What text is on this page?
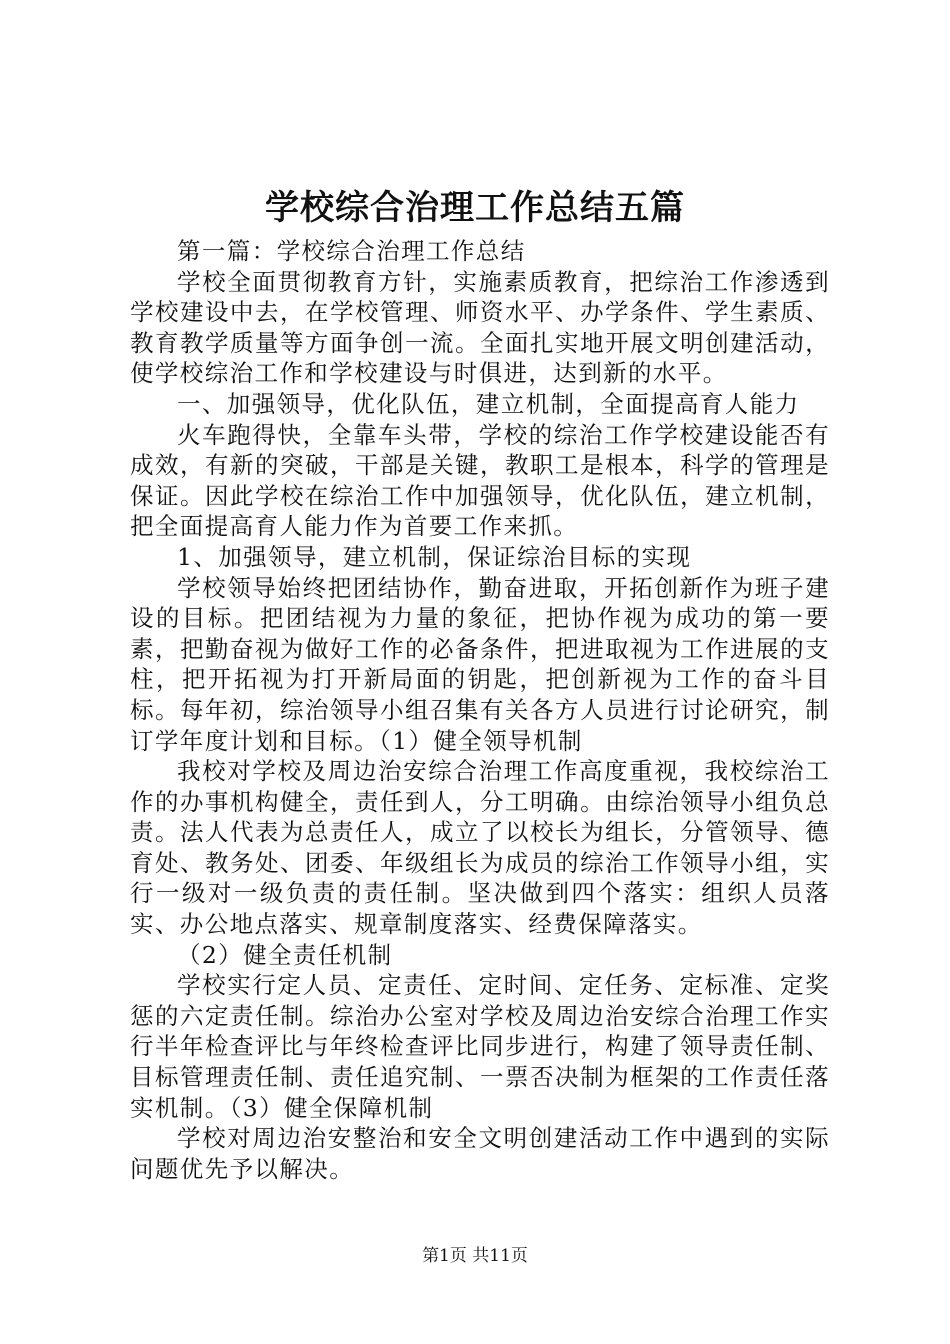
学校综合治理工作总结五篇

第一篇：学校综合治理工作总结

学校全面贯彻教育方针，实施素质教育，把综治工作渗透到学校建设中去，在学校管理、师资水平、办学条件、学生素质、教育教学质量等方面争创一流。全面扎实地开展文明创建活动，使学校综治工作和学校建设与时俱进，达到新的水平。

一、加强领导，优化队伍，建立机制，全面提高育人能力

火车跑得快，全靠车头带，学校的综治工作学校建设能否有成效，有新的突破，干部是关键，教职工是根本，科学的管理是保证。因此学校在综治工作中加强领导，优化队伍，建立机制，把全面提高育人能力作为首要工作来抓。

1、加强领导，建立机制，保证综治目标的实现

学校领导始终把团结协作，勤奋进取，开拓创新作为班子建设的目标。把团结视为力量的象征，把协作视为成功的第一要素，把勤奋视为做好工作的必备条件，把进取视为工作进展的支柱，把开拓视为打开新局面的钥匙，把创新视为工作的奋斗目标。每年初，综治领导小组召集有关各方人员进行讨论研究，制订学年度计划和目标。（1）健全领导机制

我校对学校及周边治安综合治理工作高度重视，我校综治工作的办事机构健全，责任到人，分工明确。由综治领导小组负总责。法人代表为总责任人，成立了以校长为组长，分管领导、德育处、教务处、团委、年级组长为成员的综治工作领导小组，实行一级对一级负责的责任制。坚决做到四个落实：组织人员落实、办公地点落实、规章制度落实、经费保障落实。

（2）健全责任机制

学校实行定人员、定责任、定时间、定任务、定标准、定奖惩的六定责任制。综治办公室对学校及周边治安综合治理工作实行半年检查评比与年终检查评比同步进行，构建了领导责任制、目标管理责任制、责任追究制、一票否决制为框架的工作责任落实机制。（3）健全保障机制

学校对周边治安整治和安全文明创建活动工作中遇到的实际问题优先予以解决。

第1页 共11页
